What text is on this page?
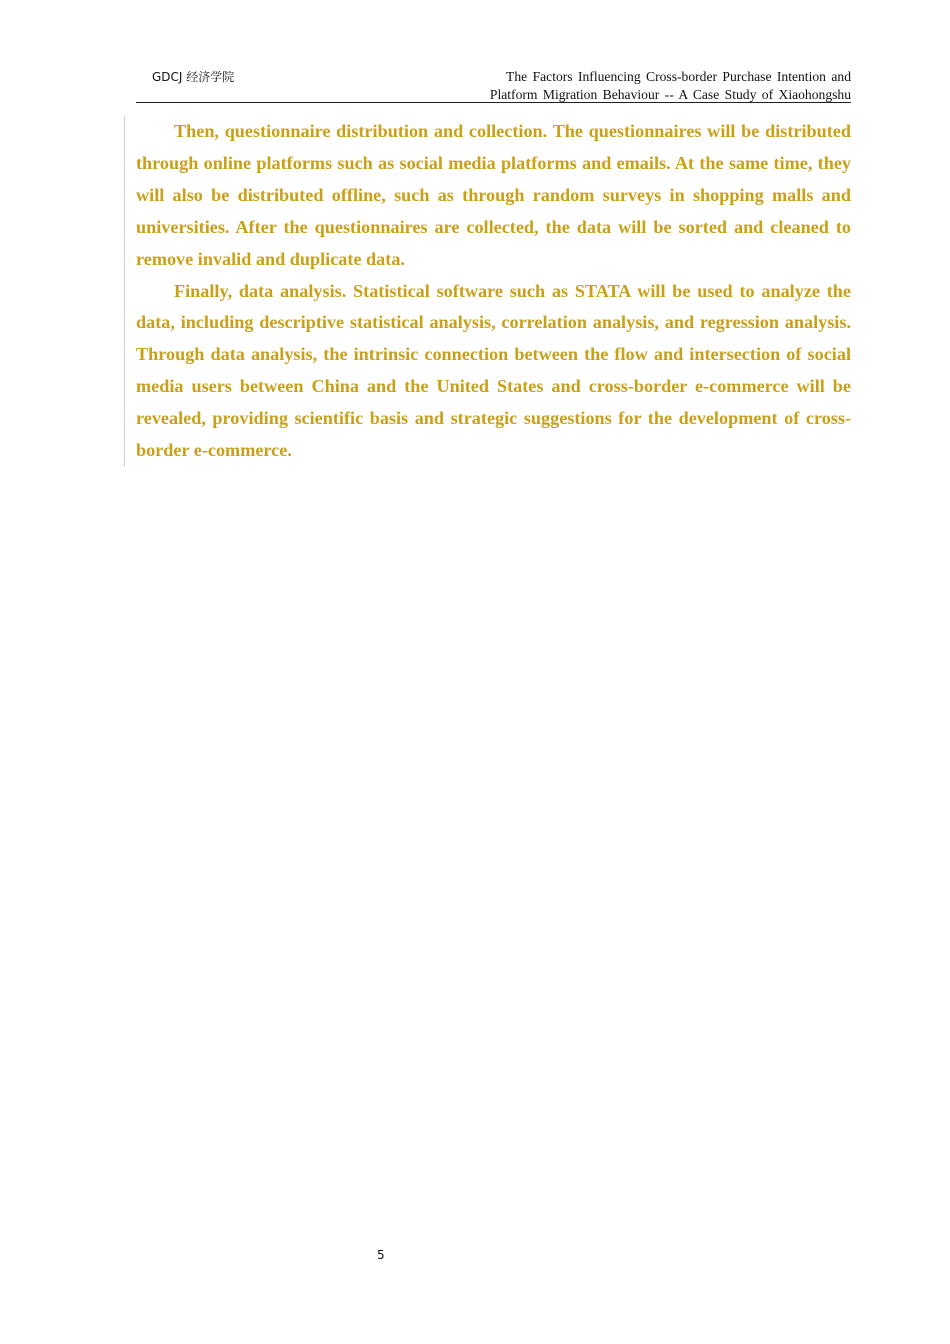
GDCJ 经济学院	The Factors Influencing Cross-border Purchase Intention and
Platform Migration Behaviour -- A Case Study of Xiaohongshu

Then, questionnaire distribution and collection. The questionnaires will be distributed through online platforms such as social media platforms and emails. At the same time, they will also be distributed offline, such as through random surveys in shopping malls and universities. After the questionnaires are collected, the data will be sorted and cleaned to remove invalid and duplicate data.

Finally, data analysis. Statistical software such as STATA will be used to analyze the data, including descriptive statistical analysis, correlation analysis, and regression analysis. Through data analysis, the intrinsic connection between the flow and intersection of social media users between China and the United States and cross-border e-commerce will be revealed, providing scientific basis and strategic suggestions for the development of cross-border e-commerce.

5
